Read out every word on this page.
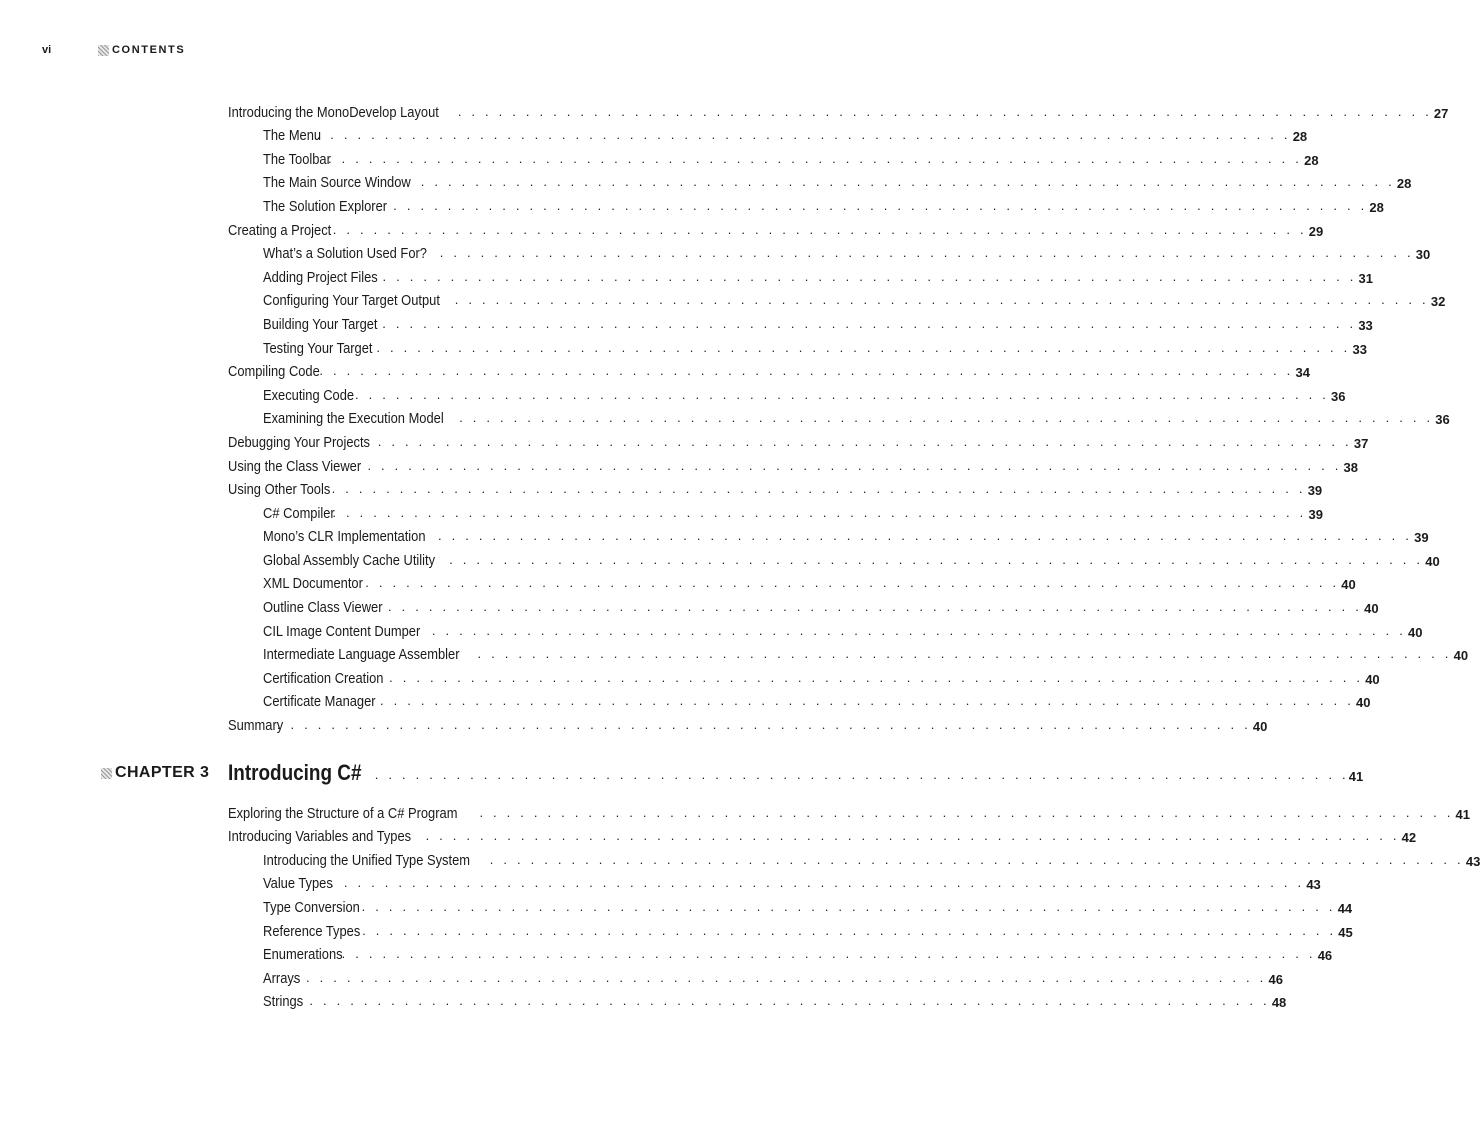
vi	CONTENTS
Introducing the MonoDevelop Layout . . . . . . . . . . . . . . . . . . . . . . . . . . . . . . . . . . . . . . . . . . . . . . . . . . . . . . . . . . . . . . . . . . . . . . . . 27
The Menu
. . . . . . . . . . . . . . . . . . . . . . . . . . . . . . . . . . . . . . . . . . . . . . . . . . . . . . . . . . . . . . . . . . . . . . . . 28
The Toolbar
. . . . . . . . . . . . . . . . . . . . . . . . . . . . . . . . . . . . . . . . . . . . . . . . . . . . . . . . . . . . . . . . . . . . . . . . 28
The Main Source Window . . . . . . . . . . . . . . . . . . . . . . . . . . . . . . . . . . . . . . . . . . . . . . . . . . . . . . . . . . . . . . . . . . . . . . . . 28
The Solution Explorer . . . . . . . . . . . . . . . . . . . . . . . . . . . . . . . . . . . . . . . . . . . . . . . . . . . . . . . . . . . . . . . . . . . . . . . . 28
Creating a Project . . . . . . . . . . . . . . . . . . . . . . . . . . . . . . . . . . . . . . . . . . . . . . . . . . . . . . . . . . . . . . . . . . . . . . . . 29
What’s a Solution Used For? . . . . . . . . . . . . . . . . . . . . . . . . . . . . . . . . . . . . . . . . . . . . . . . . . . . . . . . . . . . . . . . . . . . . . . . . 30
Adding Project Files . . . . . . . . . . . . . . . . . . . . . . . . . . . . . . . . . . . . . . . . . . . . . . . . . . . . . . . . . . . . . . . . . . . . . . . . 31
Configuring Your Target Output . . . . . . . . . . . . . . . . . . . . . . . . . . . . . . . . . . . . . . . . . . . . . . . . . . . . . . . . . . . . . . . . . . . . . . . . 32
Building Your Target . . . . . . . . . . . . . . . . . . . . . . . . . . . . . . . . . . . . . . . . . . . . . . . . . . . . . . . . . . . . . . . . . . . . . . . . 33
Testing Your Target . . . . . . . . . . . . . . . . . . . . . . . . . . . . . . . . . . . . . . . . . . . . . . . . . . . . . . . . . . . . . . . . . . . . . . . . 33
Compiling Code . . . . . . . . . . . . . . . . . . . . . . . . . . . . . . . . . . . . . . . . . . . . . . . . . . . . . . . . . . . . . . . . . . . . . . . . 34
Executing Code . . . . . . . . . . . . . . . . . . . . . . . . . . . . . . . . . . . . . . . . . . . . . . . . . . . . . . . . . . . . . . . . . . . . . . . . 36
Examining the Execution Model . . . . . . . . . . . . . . . . . . . . . . . . . . . . . . . . . . . . . . . . . . . . . . . . . . . . . . . . . . . . . . . . . . . . . . . . 36
Debugging Your Projects . . . . . . . . . . . . . . . . . . . . . . . . . . . . . . . . . . . . . . . . . . . . . . . . . . . . . . . . . . . . . . . . . . . . . . . . 37
Using the Class Viewer . . . . . . . . . . . . . . . . . . . . . . . . . . . . . . . . . . . . . . . . . . . . . . . . . . . . . . . . . . . . . . . . . . . . . . . . 38
Using Other Tools . . . . . . . . . . . . . . . . . . . . . . . . . . . . . . . . . . . . . . . . . . . . . . . . . . . . . . . . . . . . . . . . . . . . . . . . 39
C# Compiler
. . . . . . . . . . . . . . . . . . . . . . . . . . . . . . . . . . . . . . . . . . . . . . . . . . . . . . . . . . . . . . . . . . . . . . . . 39
Mono’s CLR Implementation . . . . . . . . . . . . . . . . . . . . . . . . . . . . . . . . . . . . . . . . . . . . . . . . . . . . . . . . . . . . . . . . . . . . . . . . 39
Global Assembly Cache Utility . . . . . . . . . . . . . . . . . . . . . . . . . . . . . . . . . . . . . . . . . . . . . . . . . . . . . . . . . . . . . . . . . . . . . . . . 40
XML Documentor . . . . . . . . . . . . . . . . . . . . . . . . . . . . . . . . . . . . . . . . . . . . . . . . . . . . . . . . . . . . . . . . . . . . . . . . 40
Outline Class Viewer . . . . . . . . . . . . . . . . . . . . . . . . . . . . . . . . . . . . . . . . . . . . . . . . . . . . . . . . . . . . . . . . . . . . . . . . 40
CIL Image Content Dumper . . . . . . . . . . . . . . . . . . . . . . . . . . . . . . . . . . . . . . . . . . . . . . . . . . . . . . . . . . . . . . . . . . . . . . . . 40
Intermediate Language Assembler . . . . . . . . . . . . . . . . . . . . . . . . . . . . . . . . . . . . . . . . . . . . . . . . . . . . . . . . . . . . . . . . . . . . . . . . 40
Certification Creation . . . . . . . . . . . . . . . . . . . . . . . . . . . . . . . . . . . . . . . . . . . . . . . . . . . . . . . . . . . . . . . . . . . . . . . . 40
Certificate Manager . . . . . . . . . . . . . . . . . . . . . . . . . . . . . . . . . . . . . . . . . . . . . . . . . . . . . . . . . . . . . . . . . . . . . . . . 40
Summary
. . . . . . . . . . . . . . . . . . . . . . . . . . . . . . . . . . . . . . . . . . . . . . . . . . . . . . . . . . . . . . . . . . . . . . . . 40
CHAPTER 3 Introducing C#	. . . . . . . . . . . . . . . . . . . . . . . . . . . . . . . . . . . . . . . . . . . . . . . . . . . . . . . . . . . . . . . . . . . . . . . . 41
Exploring the Structure of a C# Program . . . . . . . . . . . . . . . . . . . . . . . . . . . . . . . . . . . . . . . . . . . . . . . . . . . . . . . . . . . . . . . . . . . . . . . . 41
Introducing Variables and Types . . . . . . . . . . . . . . . . . . . . . . . . . . . . . . . . . . . . . . . . . . . . . . . . . . . . . . . . . . . . . . . . . . . . . . . . 42
Introducing the Unified Type System . . . . . . . . . . . . . . . . . . . . . . . . . . . . . . . . . . . . . . . . . . . . . . . . . . . . . . . . . . . . . . . . . . . . . . . . 43
Value Types
. . . . . . . . . . . . . . . . . . . . . . . . . . . . . . . . . . . . . . . . . . . . . . . . . . . . . . . . . . . . . . . . . . . . . . . . 43
Type Conversion . . . . . . . . . . . . . . . . . . . . . . . . . . . . . . . . . . . . . . . . . . . . . . . . . . . . . . . . . . . . . . . . . . . . . . . . 44
Reference Types . . . . . . . . . . . . . . . . . . . . . . . . . . . . . . . . . . . . . . . . . . . . . . . . . . . . . . . . . . . . . . . . . . . . . . . . 45
Enumerations . . . . . . . . . . . . . . . . . . . . . . . . . . . . . . . . . . . . . . . . . . . . . . . . . . . . . . . . . . . . . . . . . . . . . . . . 46
Arrays
. . . . . . . . . . . . . . . . . . . . . . . . . . . . . . . . . . . . . . . . . . . . . . . . . . . . . . . . . . . . . . . . . . . . . . . . 46
Strings
. . . . . . . . . . . . . . . . . . . . . . . . . . . . . . . . . . . . . . . . . . . . . . . . . . . . . . . . . . . . . . . . . . . . . . . . 48
